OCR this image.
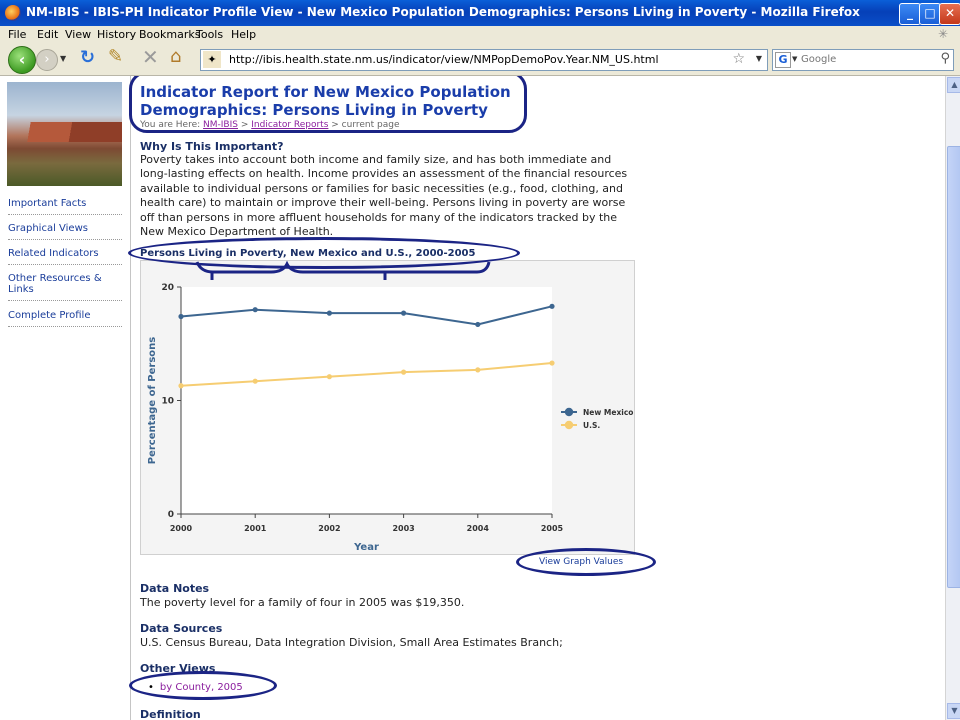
NM-IBIS - IBIS-PH Indicator Profile View - New Mexico Population Demographics: Persons Living in Poverty - Mozilla Firefox	_ □ ✕
File Edit View History Bookmarks
Tools Help	✳
‹	›	▼ ↻ ✎ ✕ ⌂	✦	http://ibis.health.state.nm.us/indicator/view/NMPopDemoPov.Year.NM_US.html	☆ ▼	G ▼
Google	⚲
Important Facts
Graphical Views
Related Indicators
Other Resources & Links
Complete Profile
Indicator Report for New Mexico Population Demographics: Persons Living in Poverty
You are Here: NM-IBIS > Indicator Reports > current page
Why Is This Important?
Poverty takes into account both income and family size, and has both immediate and long-lasting effects on health. Income provides an assessment of the financial resources available to individual persons or families for basic necessities (e.g., food, clothing, and health care) to maintain or improve their well-being. Persons living in poverty are worse off than persons in more affluent households for many of the indicators tracked by the New Mexico Department of Health.
Persons Living in Poverty, New Mexico and U.S., 2000-2005
0
10
20
2000	2001	2002	2003	2004	2005
Year
Percentage of Persons	New Mexico
U.S.
View Graph Values
Data Notes
The poverty level for a family of four in 2005 was $19,350.
Data Sources
U.S. Census Bureau, Data Integration Division, Small Area Estimates Branch;
Other Views
• by County, 2005
Definition
▲
▼
